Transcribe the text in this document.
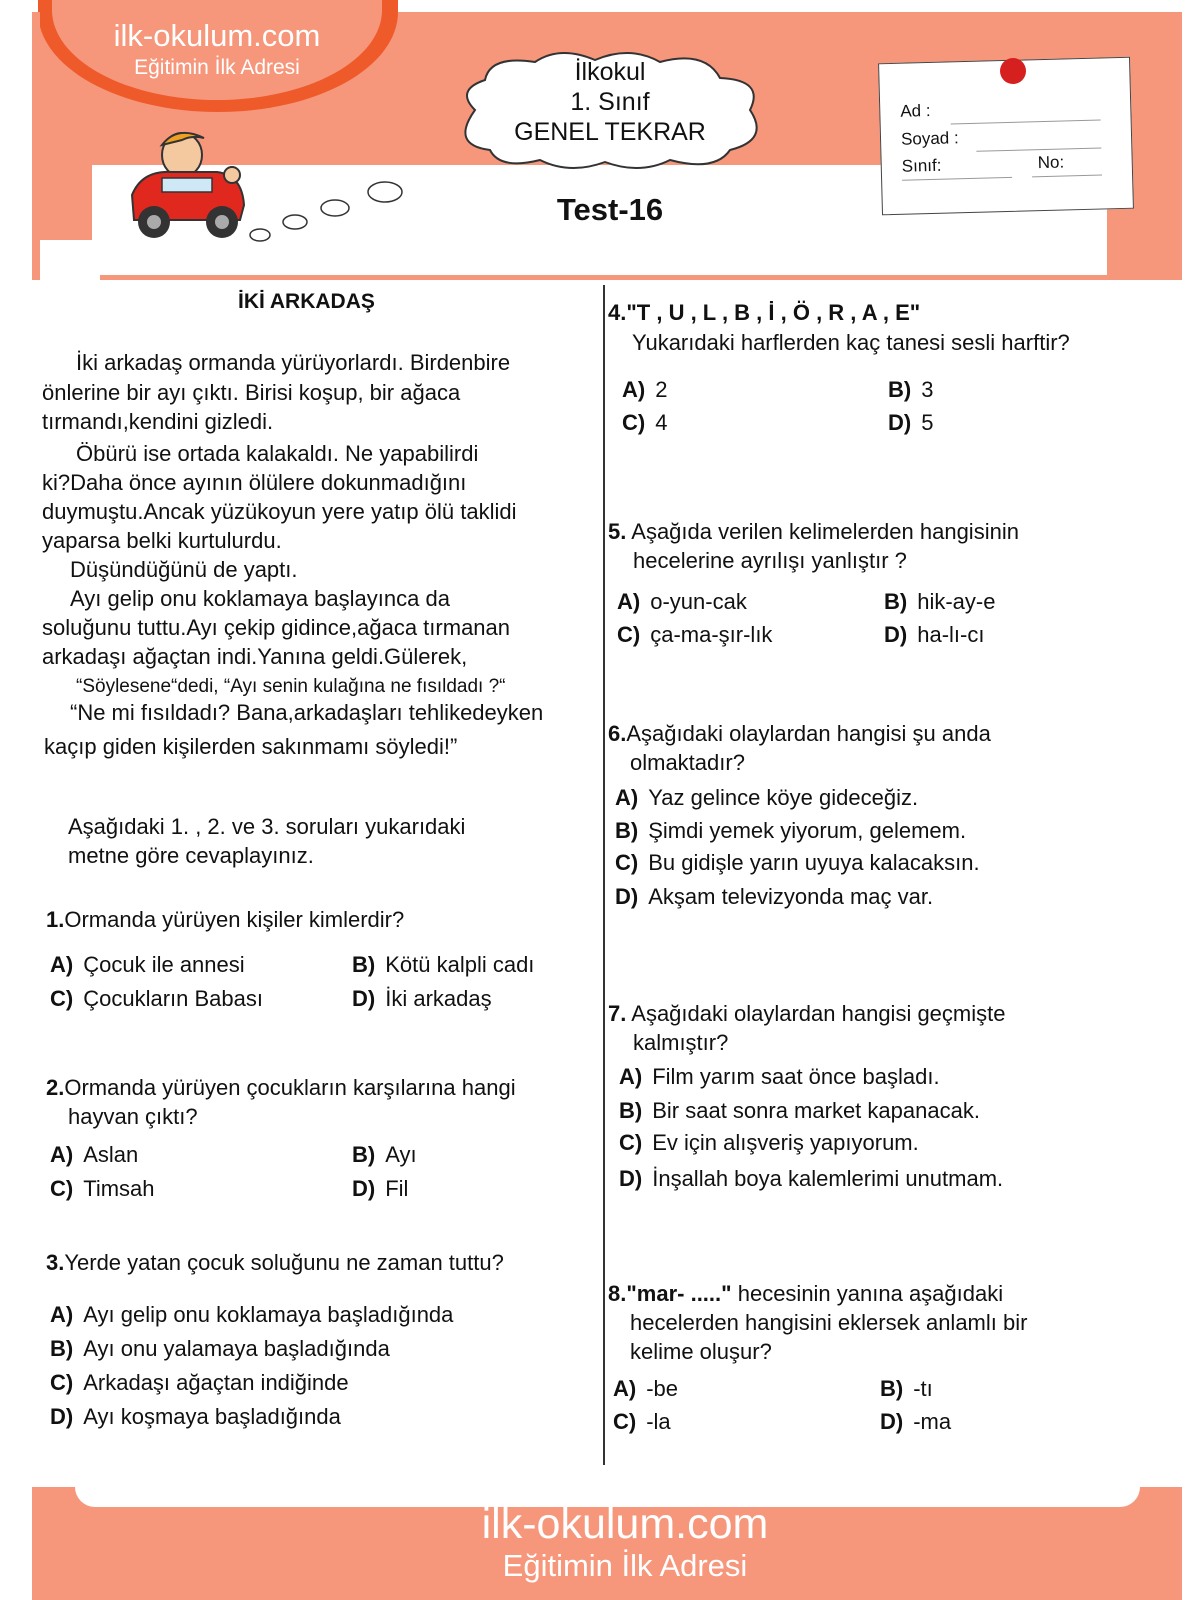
ilk-okulum.com
Eğitimin İlk Adresi	İlkokul
1. Sınıf
GENEL TEKRAR
Test-16
Ad :
Soyad :
Sınıf:	No:
İKİ ARKADAŞ
İki arkadaş ormanda yürüyorlardı. Birdenbire
önlerine bir ayı çıktı. Birisi koşup, bir ağaca
tırmandı,kendini gizledi.
Öbürü ise ortada kalakaldı. Ne yapabilirdi
ki?Daha önce ayının ölülere dokunmadığını
duymuştu.Ancak yüzükoyun yere yatıp ölü taklidi
yaparsa belki kurtulurdu.
Düşündüğünü de yaptı.
Ayı gelip onu koklamaya başlayınca da
soluğunu tuttu.Ayı çekip gidince,ağaca tırmanan
arkadaşı ağaçtan indi.Yanına geldi.Gülerek,
“Söylesene“dedi, “Ayı senin kulağına ne fısıldadı ?“
“Ne mi fısıldadı? Bana,arkadaşları tehlikedeyken
kaçıp giden kişilerden sakınmamı söyledi!”
Aşağıdaki 1. , 2. ve 3. soruları yukarıdaki
metne göre cevaplayınız.
1.Ormanda yürüyen kişiler kimlerdir?
A) Çocuk ile annesi	B) Kötü kalpli cadı
C) Çocukların Babası	D) İki arkadaş
2.Ormanda yürüyen çocukların karşılarına hangi
hayvan çıktı?
A) Aslan	B) Ayı
C) Timsah	D) Fil
3.Yerde yatan çocuk soluğunu ne zaman tuttu?
A) Ayı gelip onu koklamaya başladığında
B) Ayı onu yalamaya başladığında
C) Arkadaşı ağaçtan indiğinde
D) Ayı koşmaya başladığında
4."T , U , L , B , İ , Ö , R , A , E"
Yukarıdaki harflerden kaç tanesi sesli harftir?
A) 2	B) 3
C) 4	D) 5
5. Aşağıda verilen kelimelerden hangisinin
hecelerine ayrılışı yanlıştır ?
A) o-yun-cak	B) hik-ay-e
C) ça-ma-şır-lık	D) ha-lı-cı
6.Aşağıdaki olaylardan hangisi şu anda
olmaktadır?
A) Yaz gelince köye gideceğiz.
B) Şimdi yemek yiyorum, gelemem.
C) Bu gidişle yarın uyuya kalacaksın.
D) Akşam televizyonda maç var.
7. Aşağıdaki olaylardan hangisi geçmişte
kalmıştır?
A) Film yarım saat önce başladı.
B) Bir saat sonra market kapanacak.
C) Ev için alışveriş yapıyorum.
D) İnşallah boya kalemlerimi unutmam.
8."mar- ....." hecesinin yanına aşağıdaki
hecelerden hangisini eklersek anlamlı bir
kelime oluşur?
A) -be	B) -tı
C) -la	D) -ma
ilk-okulum.com
Eğitimin İlk Adresi
